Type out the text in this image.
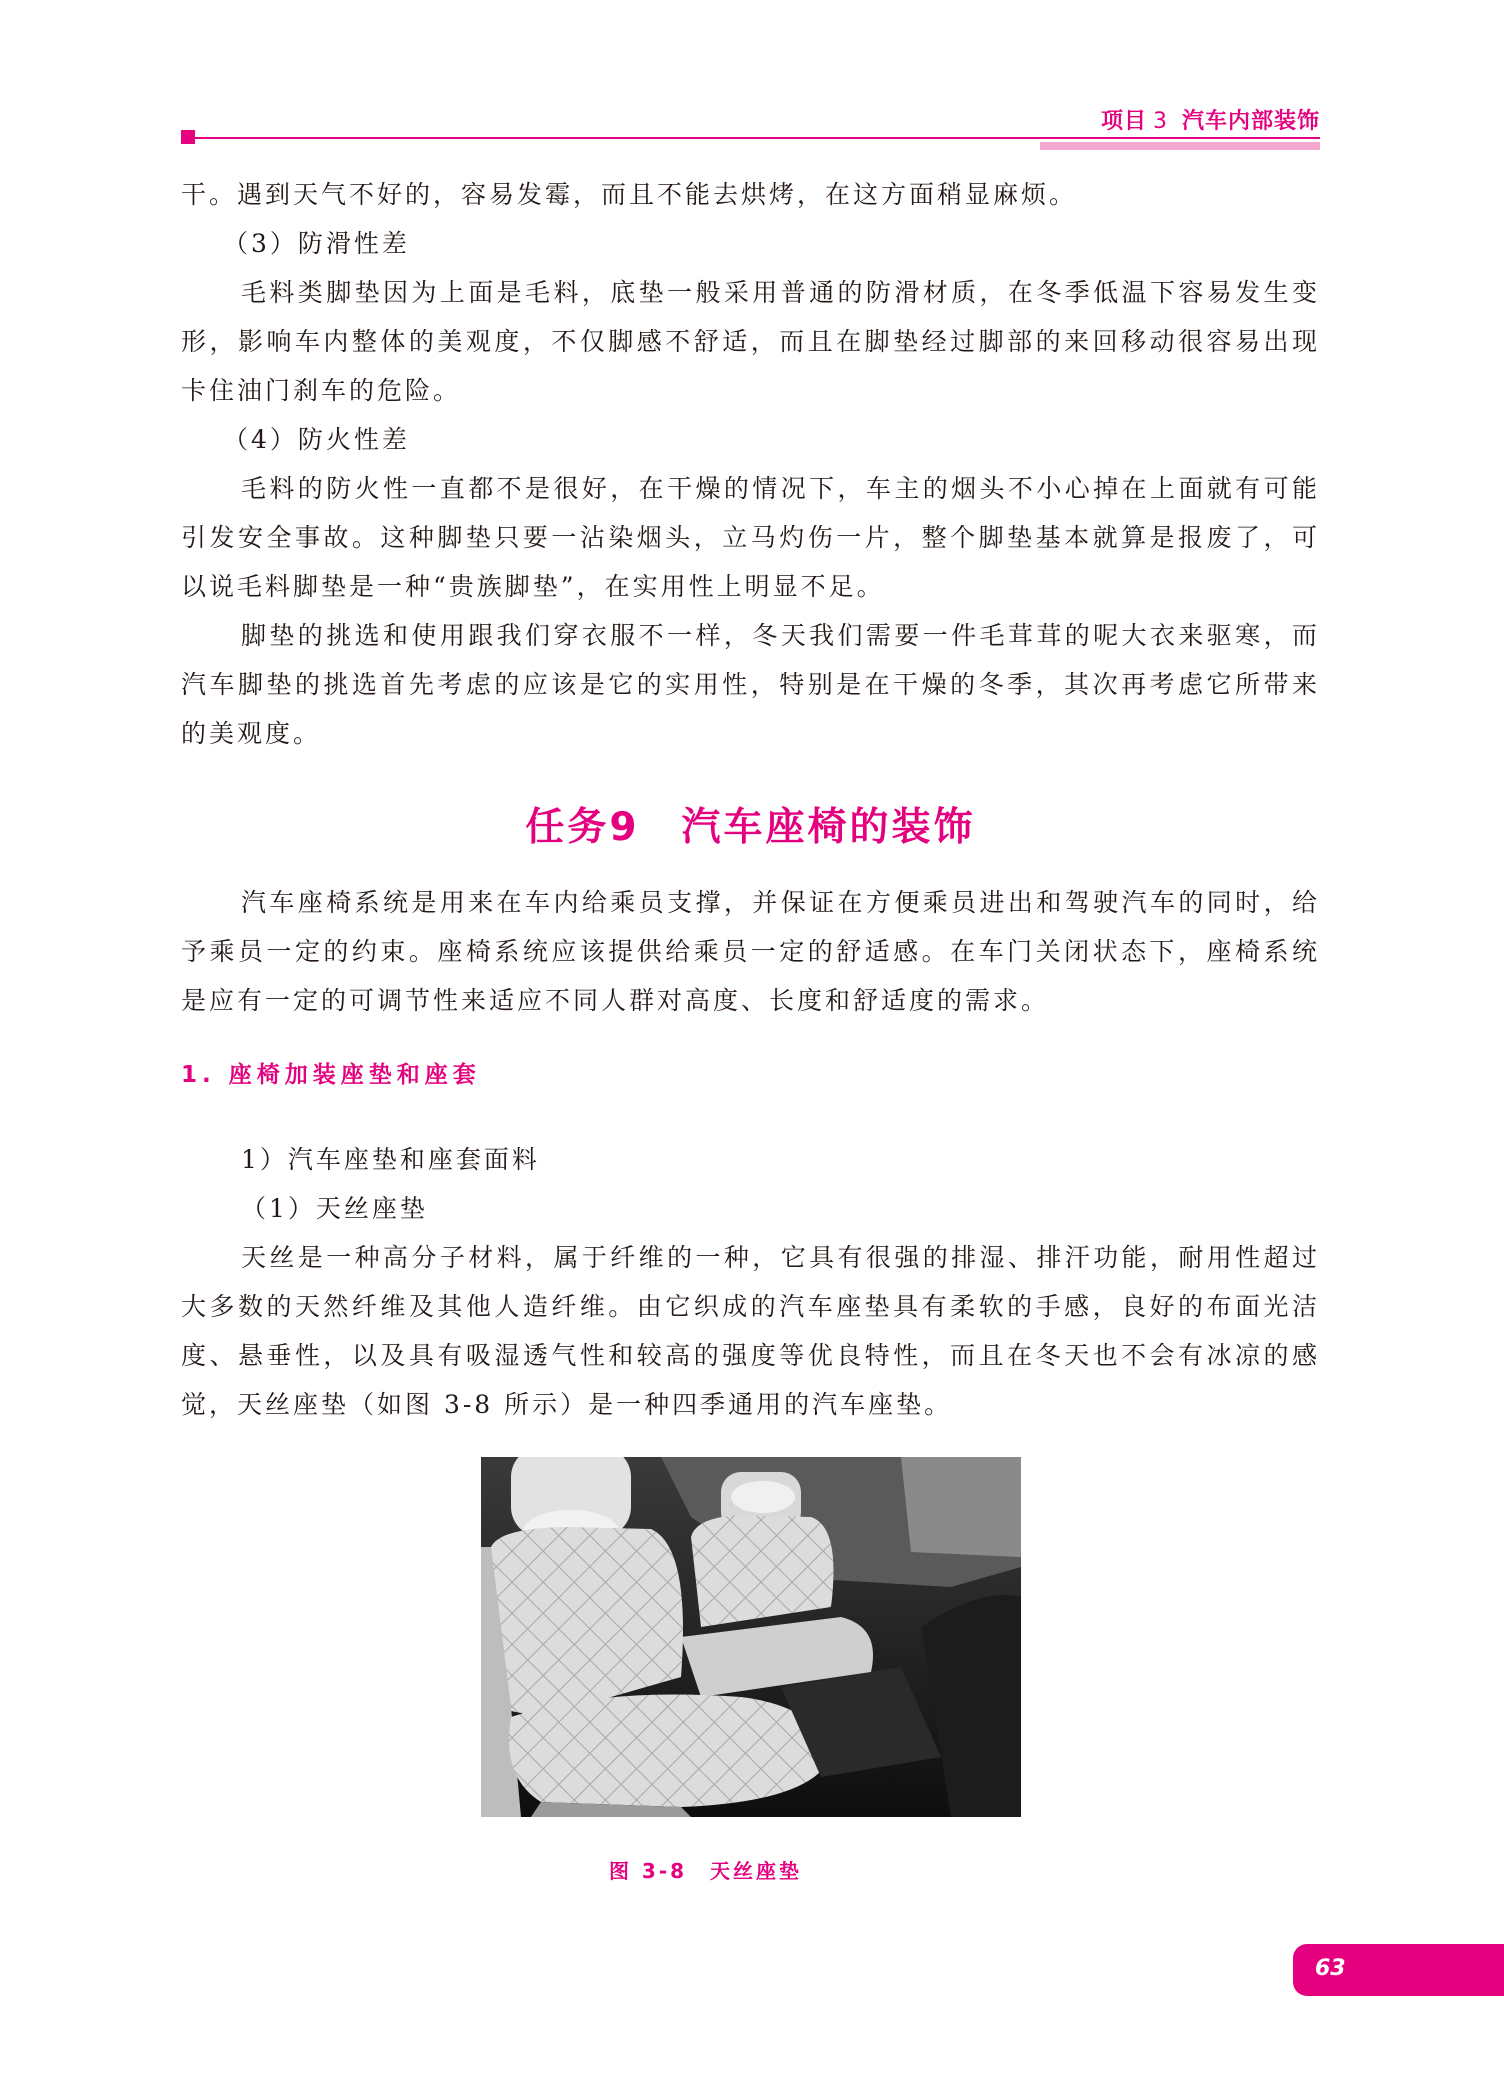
项目 3 汽车内部装饰

干。遇到天气不好的，容易发霉，而且不能去烘烤，在这方面稍显麻烦。

（3）防滑性差

毛料类脚垫因为上面是毛料，底垫一般采用普通的防滑材质，在冬季低温下容易发生变形，影响车内整体的美观度，不仅脚感不舒适，而且在脚垫经过脚部的来回移动很容易出现卡住油门刹车的危险。

（4）防火性差

毛料的防火性一直都不是很好，在干燥的情况下，车主的烟头不小心掉在上面就有可能引发安全事故。这种脚垫只要一沾染烟头，立马灼伤一片，整个脚垫基本就算是报废了，可以说毛料脚垫是一种“贵族脚垫”，在实用性上明显不足。

脚垫的挑选和使用跟我们穿衣服不一样，冬天我们需要一件毛茸茸的呢大衣来驱寒，而汽车脚垫的挑选首先考虑的应该是它的实用性，特别是在干燥的冬季，其次再考虑它所带来的美观度。

任务9　汽车座椅的装饰

汽车座椅系统是用来在车内给乘员支撑，并保证在方便乘员进出和驾驶汽车的同时，给予乘员一定的约束。座椅系统应该提供给乘员一定的舒适感。在车门关闭状态下，座椅系统是应有一定的可调节性来适应不同人群对高度、长度和舒适度的需求。

1. 座椅加装座垫和座套

1）汽车座垫和座套面料

（1）天丝座垫

天丝是一种高分子材料，属于纤维的一种，它具有很强的排湿、排汗功能，耐用性超过大多数的天然纤维及其他人造纤维。由它织成的汽车座垫具有柔软的手感，良好的布面光洁度、悬垂性，以及具有吸湿透气性和较高的强度等优良特性，而且在冬天也不会有冰凉的感觉，天丝座垫（如图 3-8 所示）是一种四季通用的汽车座垫。

图 3-8　天丝座垫
63
